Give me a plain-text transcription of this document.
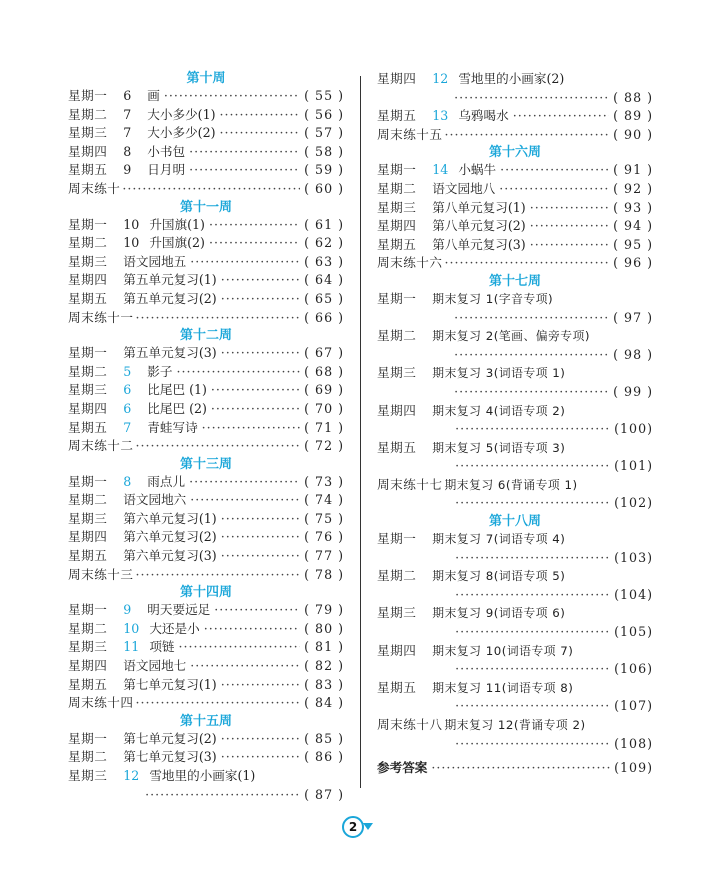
第十周
星期一 6	画 ·····	( 55 )
星期二 7	大小多少(1) ·····	( 56 )
星期三 7	大小多少(2) ·····	( 57 )
星期四 8	小书包 ·····	( 58 )
星期五 9	日月明 ·····	( 59 )
周末练十 ·····	( 60 )
第十一周
星期一 10 升国旗(1) ·····	( 61 )
星期二 10 升国旗(2) ·····	( 62 )
星期三 语文园地五 ·····	( 63 )
星期四 第五单元复习(1) ·····	( 64 )
星期五 第五单元复习(2) ·····	( 65 )
周末练十一 ·····	( 66 )
第十二周
星期一 第五单元复习(3) ·····	( 67 )
星期二 5	影子 ·····	( 68 )
星期三 6	比尾巴 (1) ·····	( 69 )
星期四 6	比尾巴 (2) ·····	( 70 )
星期五 7	青蛙写诗 ·····	( 71 )
周末练十二 ·····	( 72 )
第十三周
星期一 8	雨点儿 ·····	( 73 )
星期二 语文园地六 ·····	( 74 )
星期三 第六单元复习(1) ·····	( 75 )
星期四 第六单元复习(2) ·····	( 76 )
星期五 第六单元复习(3) ·····	( 77 )
周末练十三 ·····	( 78 )
第十四周
星期一 9	明天要远足 ·····	( 79 )
星期二 10 大还是小 ·····	( 80 )
星期三 11 项链 ·····	( 81 )
星期四 语文园地七 ·····	( 82 )
星期五 第七单元复习(1) ·····	( 83 )
周末练十四 ·····	( 84 )
第十五周
星期一 第七单元复习(2) ·····	( 85 )
星期二 第七单元复习(3) ·····	( 86 )
星期三 12 雪地里的小画家(1)
·····
( 87 )
星期四 12 雪地里的小画家(2)
·····
( 88 )
星期五 13 乌鸦喝水 ·····	( 89 )
周末练十五 ·····	( 90 )
第十六周
星期一 14 小蜗牛 ·····	( 91 )
星期二 语文园地八 ·····	( 92 )
星期三 第八单元复习(1) ·····	( 93 )
星期四 第八单元复习(2) ·····	( 94 )
星期五 第八单元复习(3) ·····	( 95 )
周末练十六 ·····	( 96 )
第十七周
星期一 期末复习 1(字音专项)
·····
( 97 )
星期二 期末复习 2(笔画、偏旁专项)
·····
( 98 )
星期三 期末复习 3(词语专项 1)
·····
( 99 )
星期四 期末复习 4(词语专项 2)
·····
(100)
星期五 期末复习 5(词语专项 3)
·····
(101)
周末练十七 期末复习 6(背诵专项 1)
·····
(102)
第十八周
星期一 期末复习 7(词语专项 4)
·····
(103)
星期二 期末复习 8(词语专项 5)
·····
(104)
星期三 期末复习 9(词语专项 6)
·····
(105)
星期四 期末复习 10(词语专项 7)
·····
(106)
星期五 期末复习 11(词语专项 8)
·····
(107)
周末练十八 期末复习 12(背诵专项 2)
·····
(108)
参考答案 ·····	(109)
2
